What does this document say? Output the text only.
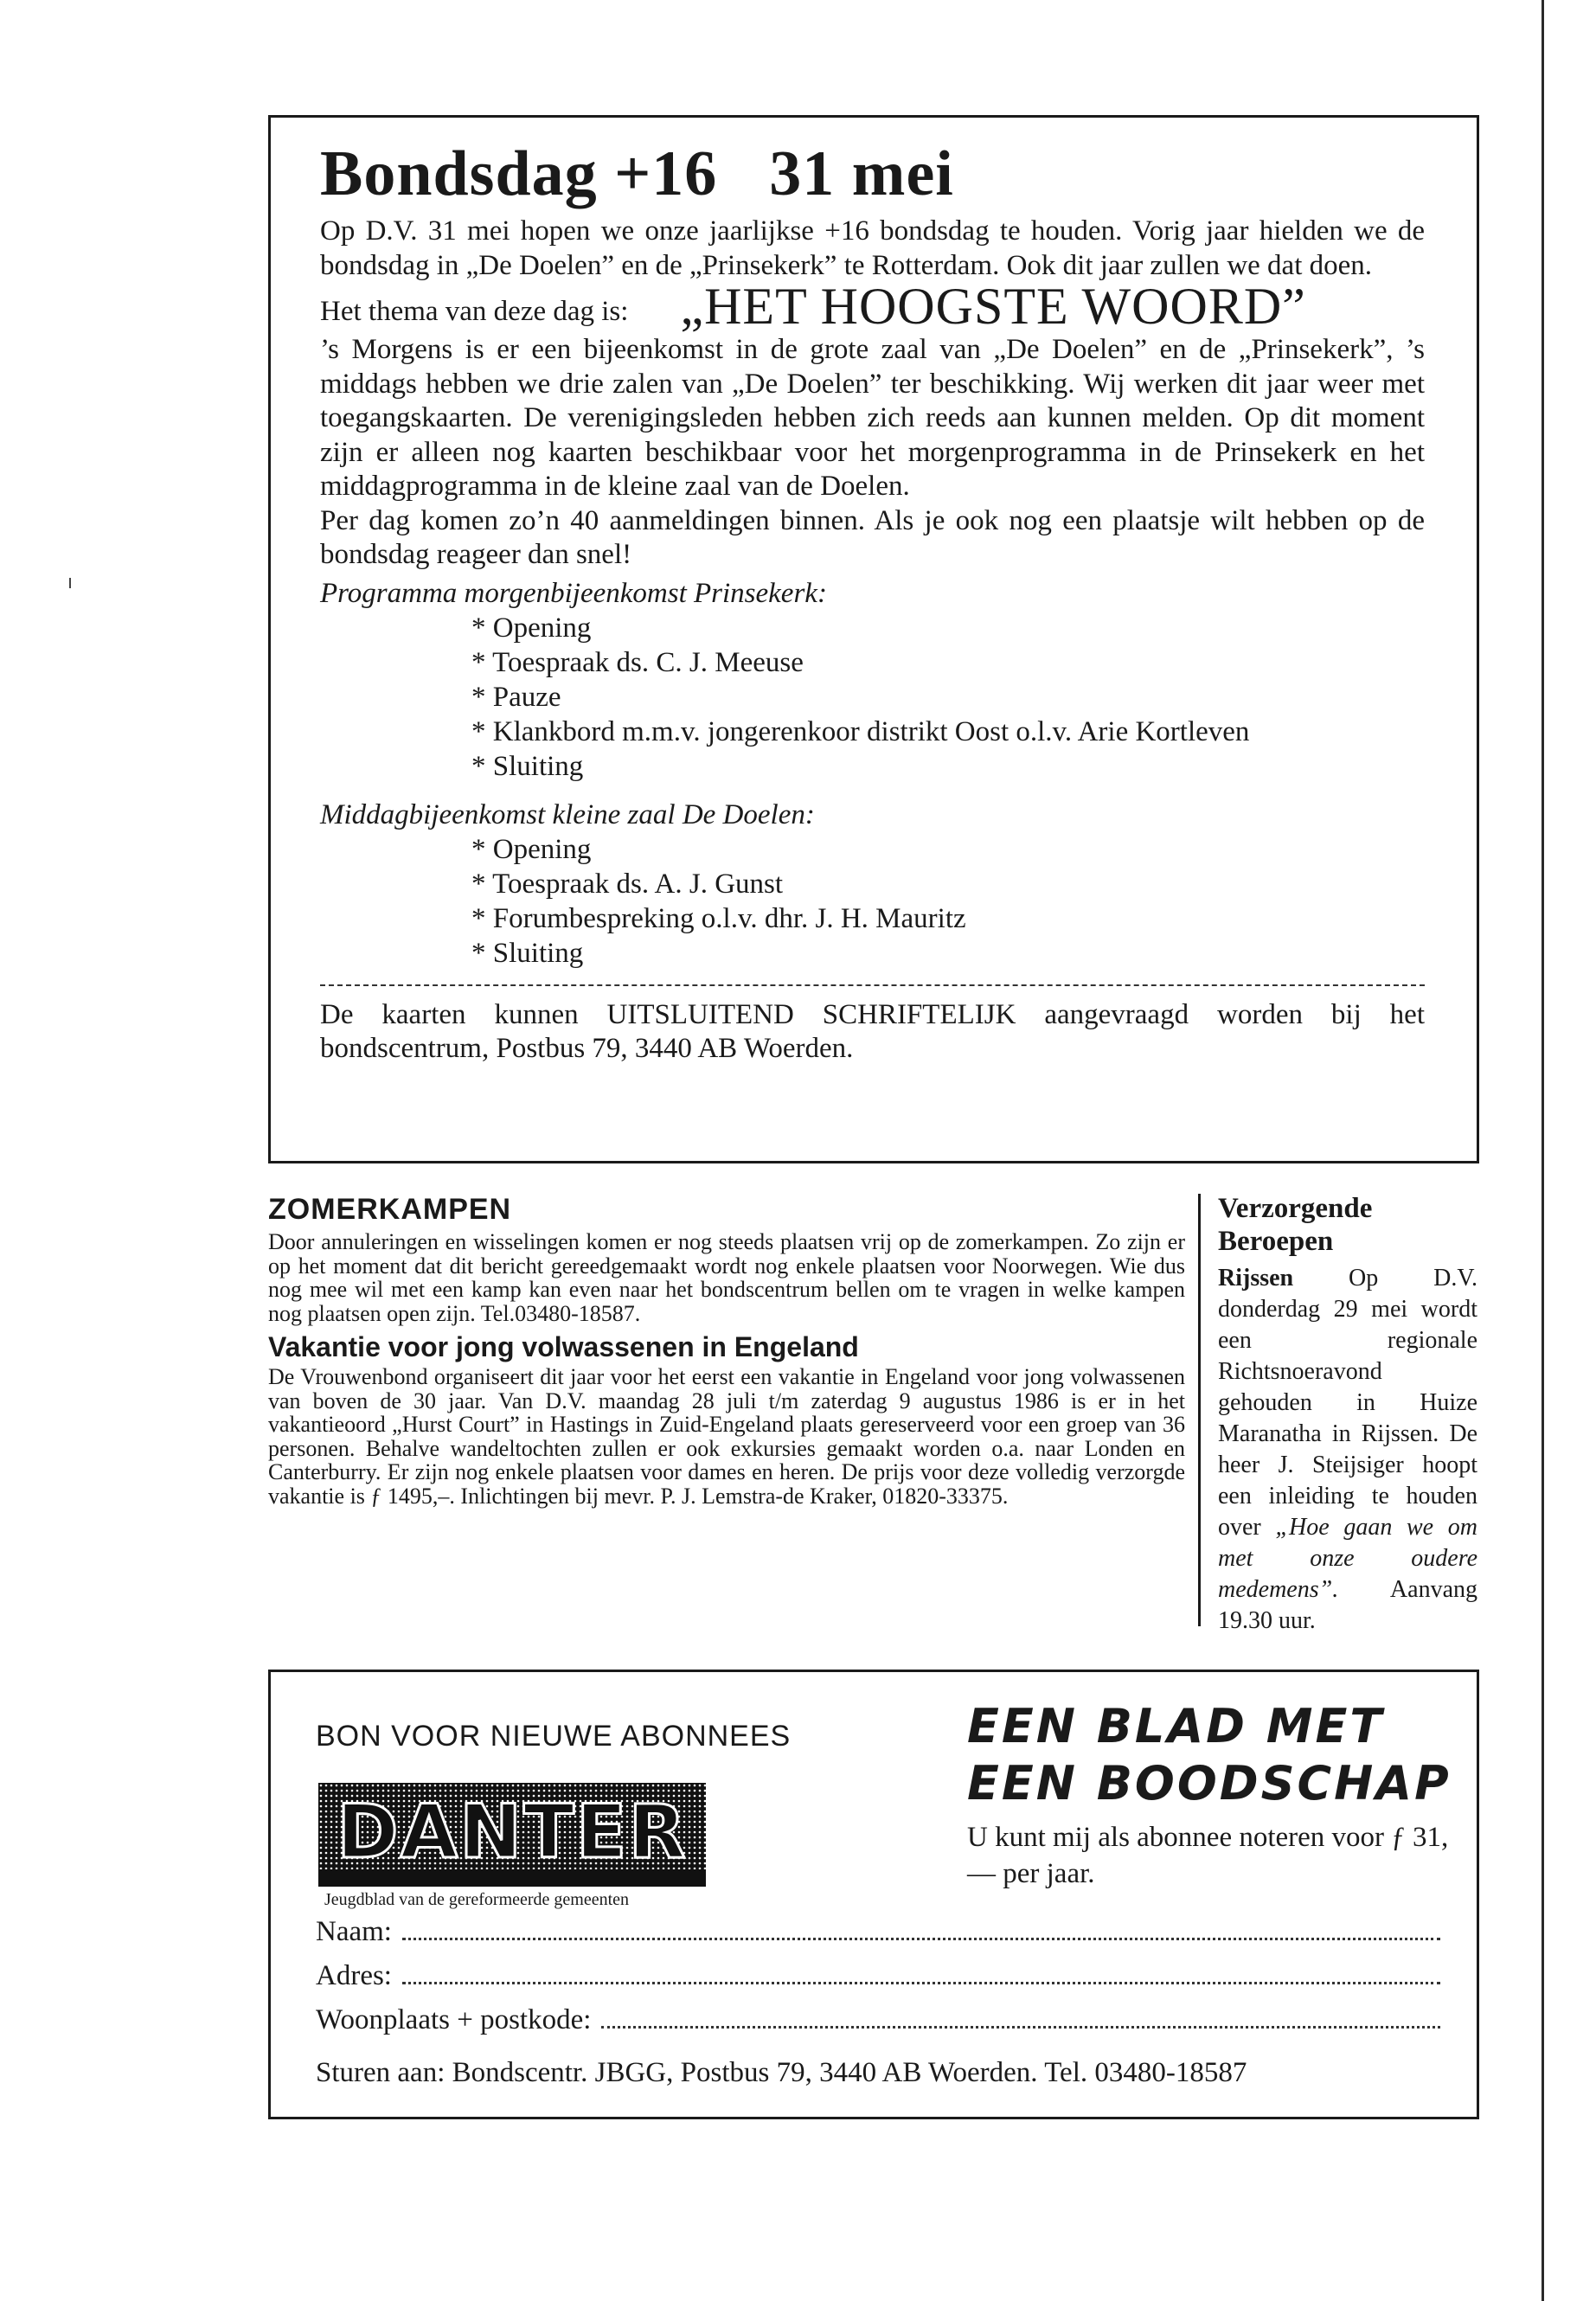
Bondsdag +16 31 mei

Op D.V. 31 mei hopen we onze jaarlijkse +16 bondsdag te houden. Vorig jaar hielden we de bondsdag in „De Doelen” en de „Prinsekerk” te Rotterdam. Ook dit jaar zullen we dat doen.

Het thema van deze dag is: „HET HOOGSTE WOORD”

’s Morgens is er een bijeenkomst in de grote zaal van „De Doelen” en de „Prinsekerk”, ’s middags hebben we drie zalen van „De Doelen” ter beschikking. Wij werken dit jaar weer met toegangskaarten. De verenigingsleden hebben zich reeds aan kunnen melden. Op dit moment zijn er alleen nog kaarten beschikbaar voor het morgenprogramma in de Prinsekerk en het middagprogramma in de kleine zaal van de Doelen.

Per dag komen zo’n 40 aanmeldingen binnen. Als je ook nog een plaatsje wilt hebben op de bondsdag reageer dan snel!

Programma morgenbijeenkomst Prinsekerk:

* Opening
* Toespraak ds. C. J. Meeuse
* Pauze
* Klankbord m.m.v. jongerenkoor distrikt Oost o.l.v. Arie Kortleven
* Sluiting

Middagbijeenkomst kleine zaal De Doelen:

* Opening
* Toespraak ds. A. J. Gunst
* Forumbespreking o.l.v. dhr. J. H. Mauritz
* Sluiting

De kaarten kunnen UITSLUITEND SCHRIFTELIJK aangevraagd worden bij het bondscentrum, Postbus 79, 3440 AB Woerden.

ZOMERKAMPEN

Door annuleringen en wisselingen komen er nog steeds plaatsen vrij op de zomerkampen. Zo zijn er op het moment dat dit bericht gereedgemaakt wordt nog enkele plaatsen voor Noorwegen. Wie dus nog mee wil met een kamp kan even naar het bondscentrum bellen om te vragen in welke kampen nog plaatsen open zijn. Tel.03480-18587.

Vakantie voor jong volwassenen in Engeland

De Vrouwenbond organiseert dit jaar voor het eerst een vakantie in Engeland voor jong volwassenen van boven de 30 jaar. Van D.V. maandag 28 juli t/m zaterdag 9 augustus 1986 is er in het vakantieoord „Hurst Court” in Hastings in Zuid-Engeland plaats gereserveerd voor een groep van 36 personen. Behalve wandeltochten zullen er ook exkursies gemaakt worden o.a. naar Londen en Canterburry. Er zijn nog enkele plaatsen voor dames en heren. De prijs voor deze volledig verzorgde vakantie is ƒ 1495,–. Inlichtingen bij mevr. P. J. Lemstra-de Kraker, 01820-33375.

Verzorgende Beroepen

Rijssen Op D.V. donderdag 29 mei wordt een regionale Richtsnoeravond gehouden in Huize Maranatha in Rijssen. De heer J. Steijsiger hoopt een inleiding te houden over „Hoe gaan we om met onze oudere medemens”. Aanvang 19.30 uur.

BON VOOR NIEUWE ABONNEES
DANTER
Jeugdblad van de gereformeerde gemeenten
EEN BLAD MET
EEN BOODSCHAP
U kunt mij als abonnee noteren voor ƒ 31,— per jaar.
Naam:
Adres:
Woonplaats + postkode:
Sturen aan: Bondscentr. JBGG, Postbus 79, 3440 AB Woerden. Tel. 03480-18587
